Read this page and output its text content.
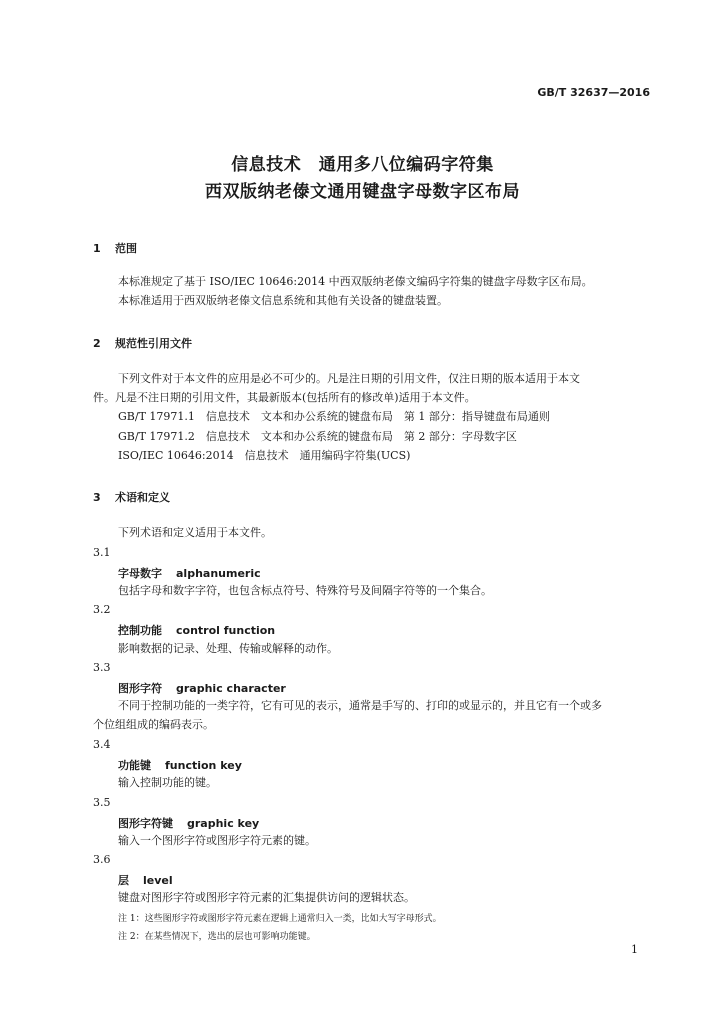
GB/T 32637—2016
信息技术　通用多八位编码字符集
西双版纳老傣文通用键盘字母数字区布局
1 范围
本标准规定了基于 ISO/IEC 10646:2014 中西双版纳老傣文编码字符集的键盘字母数字区布局。
本标准适用于西双版纳老傣文信息系统和其他有关设备的键盘装置。
2 规范性引用文件
下列文件对于本文件的应用是必不可少的。凡是注日期的引用文件，仅注日期的版本适用于本文
件。凡是不注日期的引用文件，其最新版本(包括所有的修改单)适用于本文件。
GB/T 17971.1　信息技术　文本和办公系统的键盘布局　第 1 部分：指导键盘布局通则
GB/T 17971.2　信息技术　文本和办公系统的键盘布局　第 2 部分：字母数字区
ISO/IEC 10646:2014　信息技术　通用编码字符集(UCS)
3 术语和定义
下列术语和定义适用于本文件。
3.1
字母数字 alphanumeric
包括字母和数字字符，也包含标点符号、特殊符号及间隔字符等的一个集合。
3.2
控制功能 control function
影响数据的记录、处理、传输或解释的动作。
3.3
图形字符 graphic character
不同于控制功能的一类字符，它有可见的表示，通常是手写的、打印的或显示的，并且它有一个或多
个位组组成的编码表示。
3.4
功能键 function key
输入控制功能的键。
3.5
图形字符键 graphic key
输入一个图形字符或图形字符元素的键。
3.6
层 level
键盘对图形字符或图形字符元素的汇集提供访问的逻辑状态。
注 1：这些图形字符或图形字符元素在逻辑上通常归入一类，比如大写字母形式。
注 2：在某些情况下，选出的层也可影响功能键。
1
